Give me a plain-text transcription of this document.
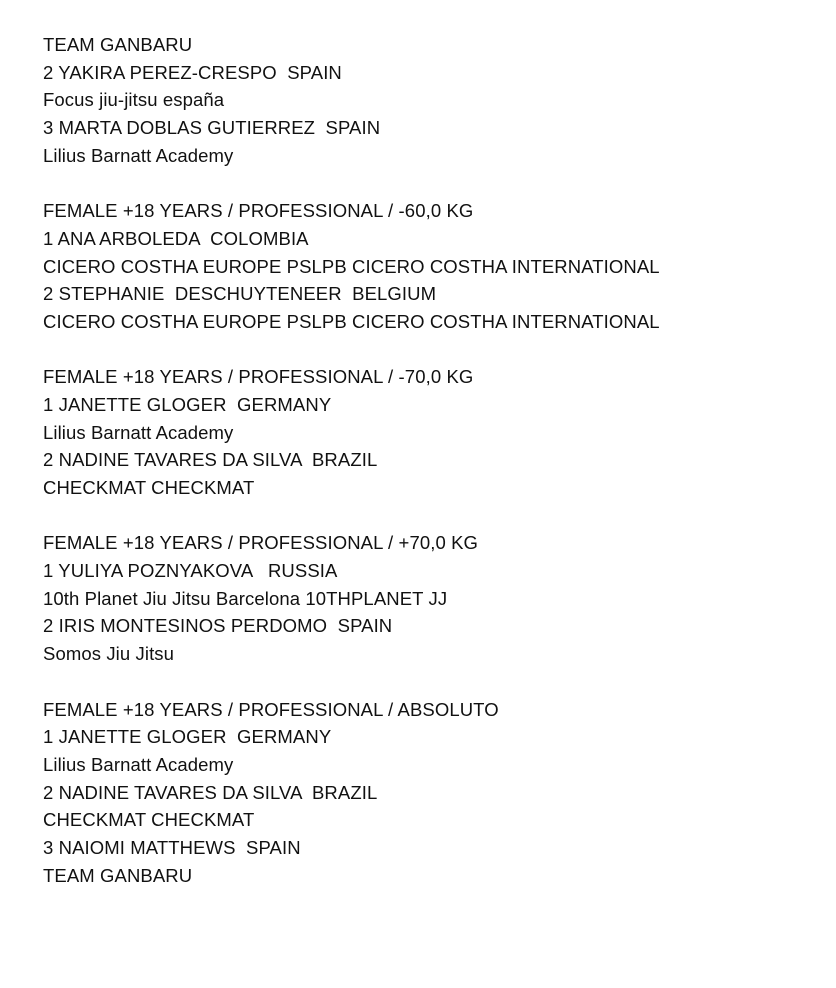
TEAM GANBARU
2 YAKIRA PEREZ-CRESPO  SPAIN
Focus jiu-jitsu españa
3 MARTA DOBLAS GUTIERREZ  SPAIN
Lilius Barnatt Academy
FEMALE +18 YEARS / PROFESSIONAL / -60,0 KG
1 ANA ARBOLEDA  COLOMBIA
CICERO COSTHA EUROPE PSLPB CICERO COSTHA INTERNATIONAL
2 STEPHANIE  DESCHUYTENEER  BELGIUM
CICERO COSTHA EUROPE PSLPB CICERO COSTHA INTERNATIONAL
FEMALE +18 YEARS / PROFESSIONAL / -70,0 KG
1 JANETTE GLOGER  GERMANY
Lilius Barnatt Academy
2 NADINE TAVARES DA SILVA  BRAZIL
CHECKMAT CHECKMAT
FEMALE +18 YEARS / PROFESSIONAL / +70,0 KG
1 YULIYA POZNYAKOVA   RUSSIA
10th Planet Jiu Jitsu Barcelona 10THPLANET JJ
2 IRIS MONTESINOS PERDOMO  SPAIN
Somos Jiu Jitsu
FEMALE +18 YEARS / PROFESSIONAL / ABSOLUTO
1 JANETTE GLOGER  GERMANY
Lilius Barnatt Academy
2 NADINE TAVARES DA SILVA  BRAZIL
CHECKMAT CHECKMAT
3 NAIOMI MATTHEWS  SPAIN
TEAM GANBARU
